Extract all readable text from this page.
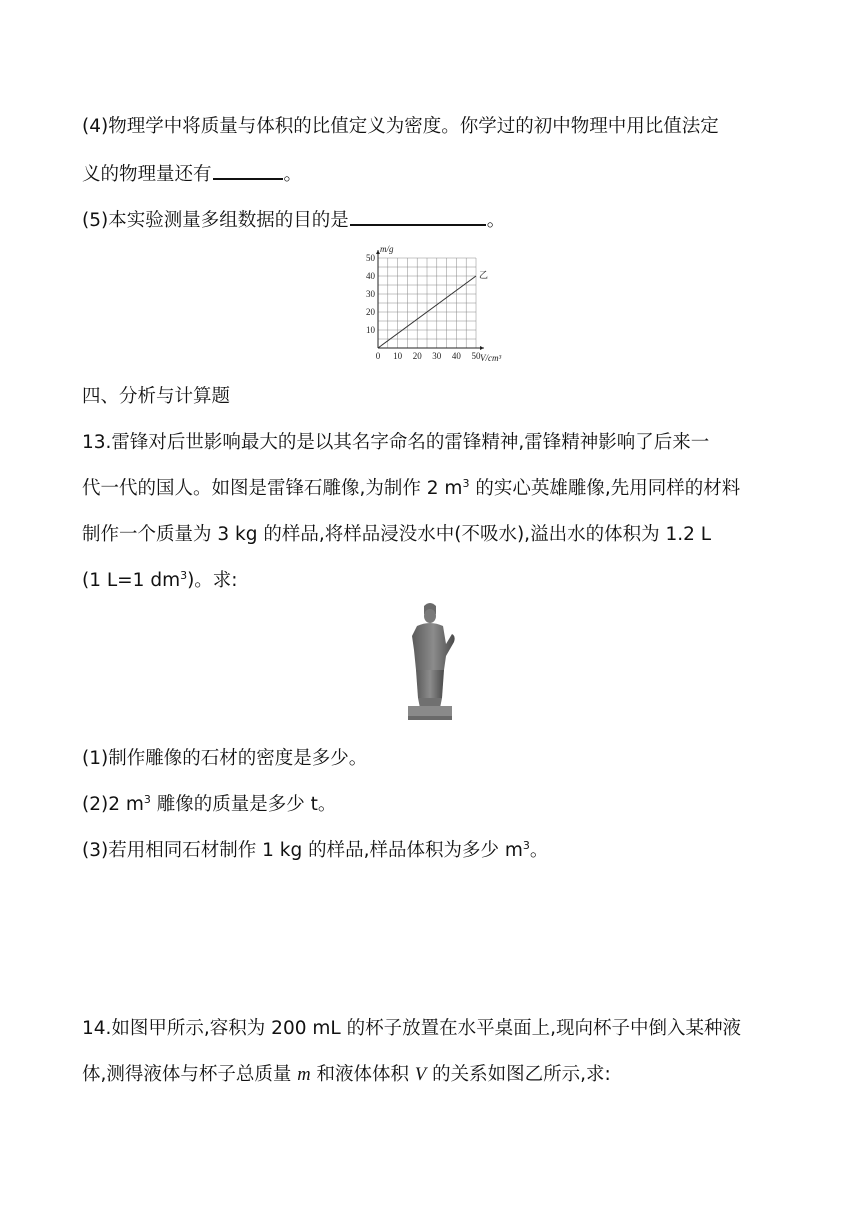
(4)物理学中将质量与体积的比值定义为密度。你学过的初中物理中用比值法定
义的物理量还有	。
(5)本实验测量多组数据的目的是	。
50
40
30
20
10
0 10 20 30 40 50
m/g
V/cm³
乙
四、分析与计算题
13.雷锋对后世影响最大的是以其名字命名的雷锋精神,雷锋精神影响了后来一
代一代的国人。如图是雷锋石雕像,为制作 2 $m^3$ 的实心英雄雕像,先用同样的材料
制作一个质量为 3 kg 的样品,将样品浸没水中(不吸水),溢出水的体积为 1.2 L
(1 L=1 $dm^3$)。求:
(1)制作雕像的石材的密度是多少。
(2)2 $m^3$ 雕像的质量是多少 t。
(3)若用相同石材制作 1 kg 的样品,样品体积为多少 $m^3$。
14.如图甲所示,容积为 200 mL 的杯子放置在水平桌面上,现向杯子中倒入某种液
体,测得液体与杯子总质量 m 和液体体积 V 的关系如图乙所示,求:
